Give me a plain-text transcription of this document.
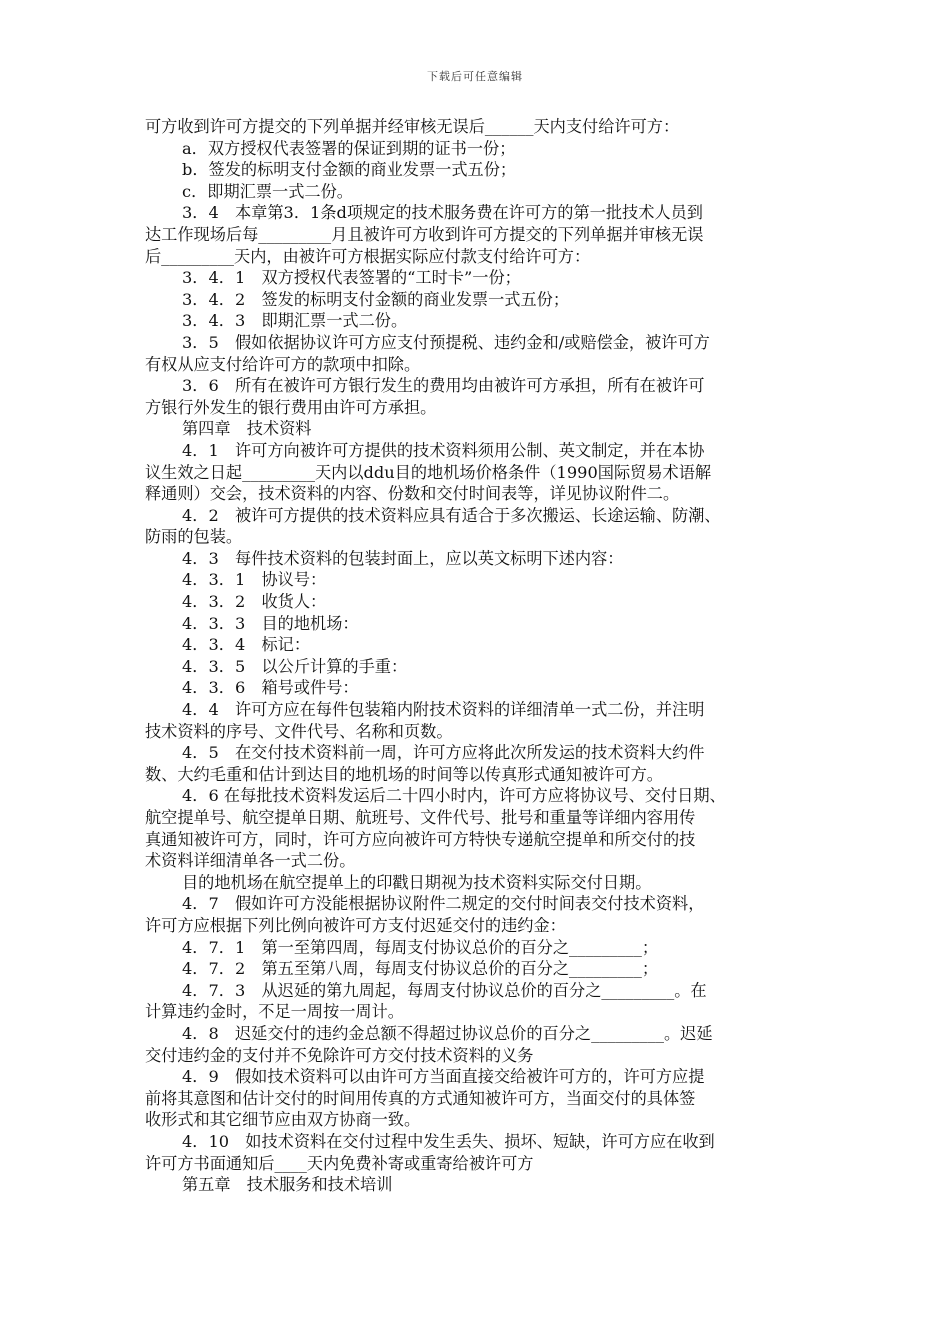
下载后可任意编辑
可方收到许可方提交的下列单据并经审核无误后______天内支付给许可方：
a．双方授权代表签署的保证到期的证书一份；
b．签发的标明支付金额的商业发票一式五份；
c．即期汇票一式二份。
3．4　本章第3．1条d项规定的技术服务费在许可方的第一批技术人员到
达工作现场后每_________月且被许可方收到许可方提交的下列单据并审核无误
后_________天内，由被许可方根据实际应付款支付给许可方：
3．4．1　双方授权代表签署的“工时卡”一份；
3．4．2　签发的标明支付金额的商业发票一式五份；
3．4．3　即期汇票一式二份。
3．5　假如依据协议许可方应支付预提税、违约金和/或赔偿金，被许可方
有权从应支付给许可方的款项中扣除。
3．6　所有在被许可方银行发生的费用均由被许可方承担，所有在被许可
方银行外发生的银行费用由许可方承担。
第四章　技术资料
4．1　许可方向被许可方提供的技术资料须用公制、英文制定，并在本协
议生效之日起_________天内以ddu目的地机场价格条件（1990国际贸易术语解
释通则）交会，技术资料的内容、份数和交付时间表等，详见协议附件二。
4．2　被许可方提供的技术资料应具有适合于多次搬运、长途运输、防潮、
防雨的包装。
4．3　每件技术资料的包装封面上，应以英文标明下述内容：
4．3．1　协议号：
4．3．2　收货人：
4．3．3　目的地机场：
4．3．4　标记：
4．3．5　以公斤计算的手重：
4．3．6　箱号或件号：
4．4　许可方应在每件包装箱内附技术资料的详细清单一式二份，并注明
技术资料的序号、文件代号、名称和页数。
4．5　在交付技术资料前一周，许可方应将此次所发运的技术资料大约件
数、大约毛重和估计到达目的地机场的时间等以传真形式通知被许可方。
4．6 在每批技术资料发运后二十四小时内，许可方应将协议号、交付日期、
航空提单号、航空提单日期、航班号、文件代号、批号和重量等详细内容用传
真通知被许可方，同时，许可方应向被许可方特快专递航空提单和所交付的技
术资料详细清单各一式二份。
目的地机场在航空提单上的印戳日期视为技术资料实际交付日期。
4．7　假如许可方没能根据协议附件二规定的交付时间表交付技术资料，
许可方应根据下列比例向被许可方支付迟延交付的违约金：
4．7．1　第一至第四周，每周支付协议总价的百分之_________；
4．7．2　第五至第八周，每周支付协议总价的百分之_________；
4．7．3　从迟延的第九周起，每周支付协议总价的百分之_________。在
计算违约金时，不足一周按一周计。
4．8　迟延交付的违约金总额不得超过协议总价的百分之_________。迟延
交付违约金的支付并不免除许可方交付技术资料的义务
4．9　假如技术资料可以由许可方当面直接交给被许可方的，许可方应提
前将其意图和估计交付的时间用传真的方式通知被许可方，当面交付的具体签
收形式和其它细节应由双方协商一致。
4．10　如技术资料在交付过程中发生丢失、损坏、短缺，许可方应在收到
许可方书面通知后____天内免费补寄或重寄给被许可方
第五章　技术服务和技术培训
